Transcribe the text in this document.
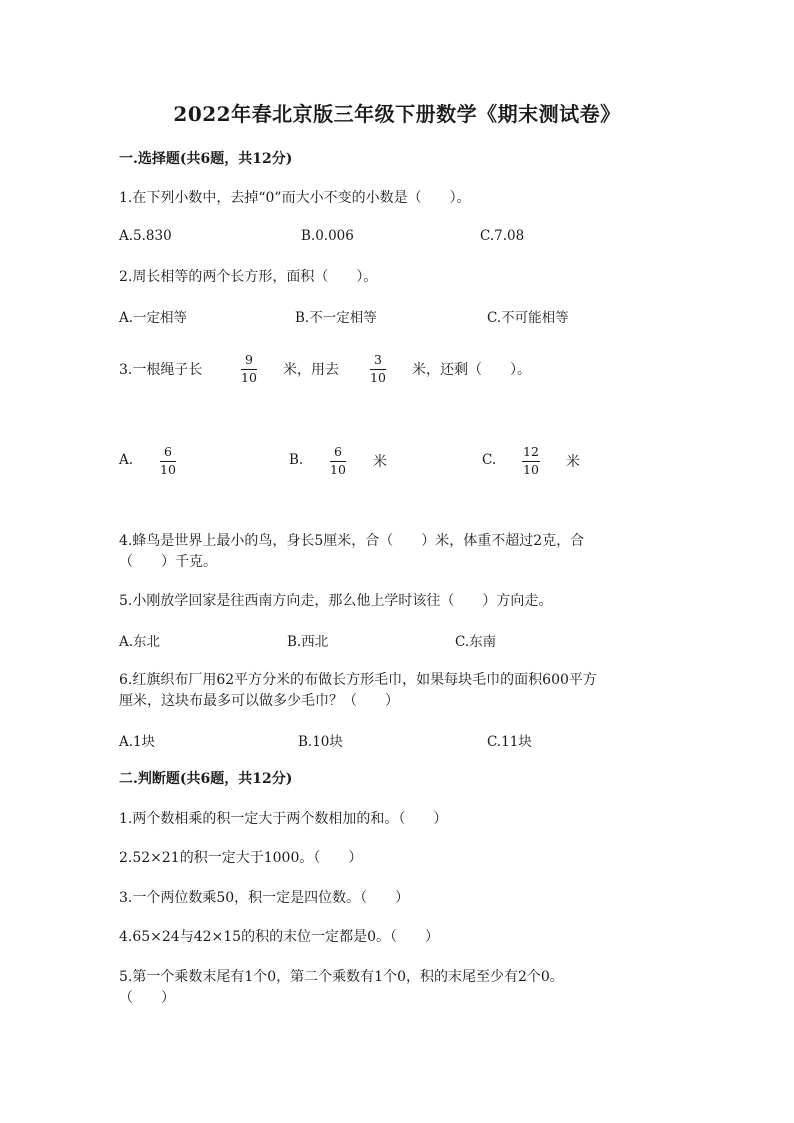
2022年春北京版三年级下册数学《期末测试卷》
一.选择题(共6题，共12分)
1.在下列小数中，去掉“0”而大小不变的小数是（　　）。
A.5.830	B.0.006	C.7.08
2.周长相等的两个长方形，面积（　　）。
A.一定相等	B.不一定相等	C.不可能相等
3.一根绳子长
9
10 米，用去
3
10 米，还剩（　　）。
A.
6
10
B.
6
10 米	C.
12
10 米
4.蜂鸟是世界上最小的鸟，身长5厘米，合（　　）米，体重不超过2克，合
（　　）千克。
5.小刚放学回家是往西南方向走，那么他上学时该往（　　）方向走。
A.东北	B.西北	C.东南
6.红旗织布厂用62平方分米的布做长方形毛巾，如果每块毛巾的面积600平方
厘米，这块布最多可以做多少毛巾？（　　）
A.1块	B.10块	C.11块
二.判断题(共6题，共12分)
1.两个数相乘的积一定大于两个数相加的和。（　　）
2.52×21的积一定大于1000。（　　）
3.一个两位数乘50，积一定是四位数。（　　）
4.65×24与42×15的积的末位一定都是0。（　　）
5.第一个乘数末尾有1个0，第二个乘数有1个0，积的末尾至少有2个0。
（　　）
